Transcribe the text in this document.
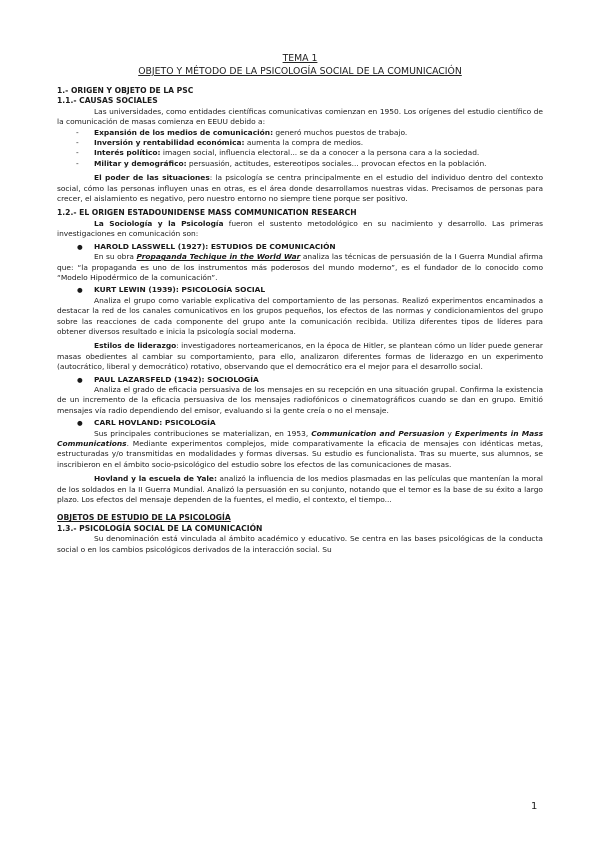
TEMA 1
OBJETO Y MÉTODO DE LA PSICOLOGÍA SOCIAL DE LA COMUNICACIÓN
1.- ORIGEN Y OBJETO DE LA PSC
1.1.- CAUSAS SOCIALES

Las universidades, como entidades científicas comunicativas comienzan en 1950. Los orígenes del estudio científico de la comunicación de masas comienza en EEUU debido a:

- Expansión de los medios de comunicación: generó muchos puestos de trabajo.
- Inversión y rentabilidad económica: aumenta la compra de medios.
- Interés político: imagen social, influencia electoral... se da a conocer a la persona cara a la sociedad.
- Militar y demográfico: persuasión, actitudes, estereotipos sociales... provocan efectos en la población.

El poder de las situaciones: la psicología se centra principalmente en el estudio del individuo dentro del contexto social, cómo las personas influyen unas en otras, es el área donde desarrollamos nuestras vidas. Precisamos de personas para crecer, el aislamiento es negativo, pero nuestro entorno no siempre tiene porque ser positivo.

1.2.- EL ORIGEN ESTADOUNIDENSE MASS COMMUNICATION RESEARCH

La Sociología y la Psicología fueron el sustento metodológico en su nacimiento y desarrollo. Las primeras investigaciones en comunicación son:

● HAROLD LASSWELL (1927): ESTUDIOS DE COMUNICACIÓN

En su obra Propaganda Techique in the World War analiza las técnicas de persuasión de la I Guerra Mundial afirma que: “la propaganda es uno de los instrumentos más poderosos del mundo moderno”, es el fundador de lo conocido como “Modelo Hipodérmico de la comunicación”.

● KURT LEWIN (1939): PSICOLOGÍA SOCIAL

Analiza el grupo como variable explicativa del comportamiento de las personas. Realizó experimentos encaminados a destacar la red de los canales comunicativos en los grupos pequeños, los efectos de las normas y condicionamientos del grupo sobre las reacciones de cada componente del grupo ante la comunicación recibida. Utiliza diferentes tipos de líderes para obtener diversos resultado e inicia la psicología social moderna.

Estilos de liderazgo: investigadores norteamericanos, en la época de Hitler, se plantean cómo un líder puede generar masas obedientes al cambiar su comportamiento, para ello, analizaron diferentes formas de liderazgo en un experimento (autocrático, liberal y democrático) rotativo, observando que el democrático era el mejor para el desarrollo social.

● PAUL LAZARSFELD (1942): SOCIOLOGÍA

Analiza el grado de eficacia persuasiva de los mensajes en su recepción en una situación grupal. Confirma la existencia de un incremento de la eficacia persuasiva de los mensajes radiofónicos o cinematográficos cuando se dan en grupo. Emitió mensajes vía radio dependiendo del emisor, evaluando si la gente creía o no el mensaje.

● CARL HOVLAND: PSICOLOGÍA

Sus principales contribuciones se materializan, en 1953, Communication and Persuasion y Experiments in Mass Communications. Mediante experimentos complejos, mide comparativamente la eficacia de mensajes con idénticas metas, estructuradas y/o transmitidas en modalidades y formas diversas. Su estudio es funcionalista. Tras su muerte, sus alumnos, se inscribieron en el ámbito socio-psicológico del estudio sobre los efectos de las comunicaciones de masas.

Hovland y la escuela de Yale: analizó la influencia de los medios plasmadas en las películas que mantenían la moral de los soldados en la II Guerra Mundial. Analizó la persuasión en su conjunto, notando que el temor es la base de su éxito a largo plazo. Los efectos del mensaje dependen de la fuentes, el medio, el contexto, el tiempo...

OBJETOS DE ESTUDIO DE LA PSICOLOGÍA
1.3.- PSICOLOGÍA SOCIAL DE LA COMUNICACIÓN

Su denominación está vinculada al ámbito académico y educativo. Se centra en las bases psicológicas de la conducta social o en los cambios psicológicos derivados de la interacción social. Su

1
